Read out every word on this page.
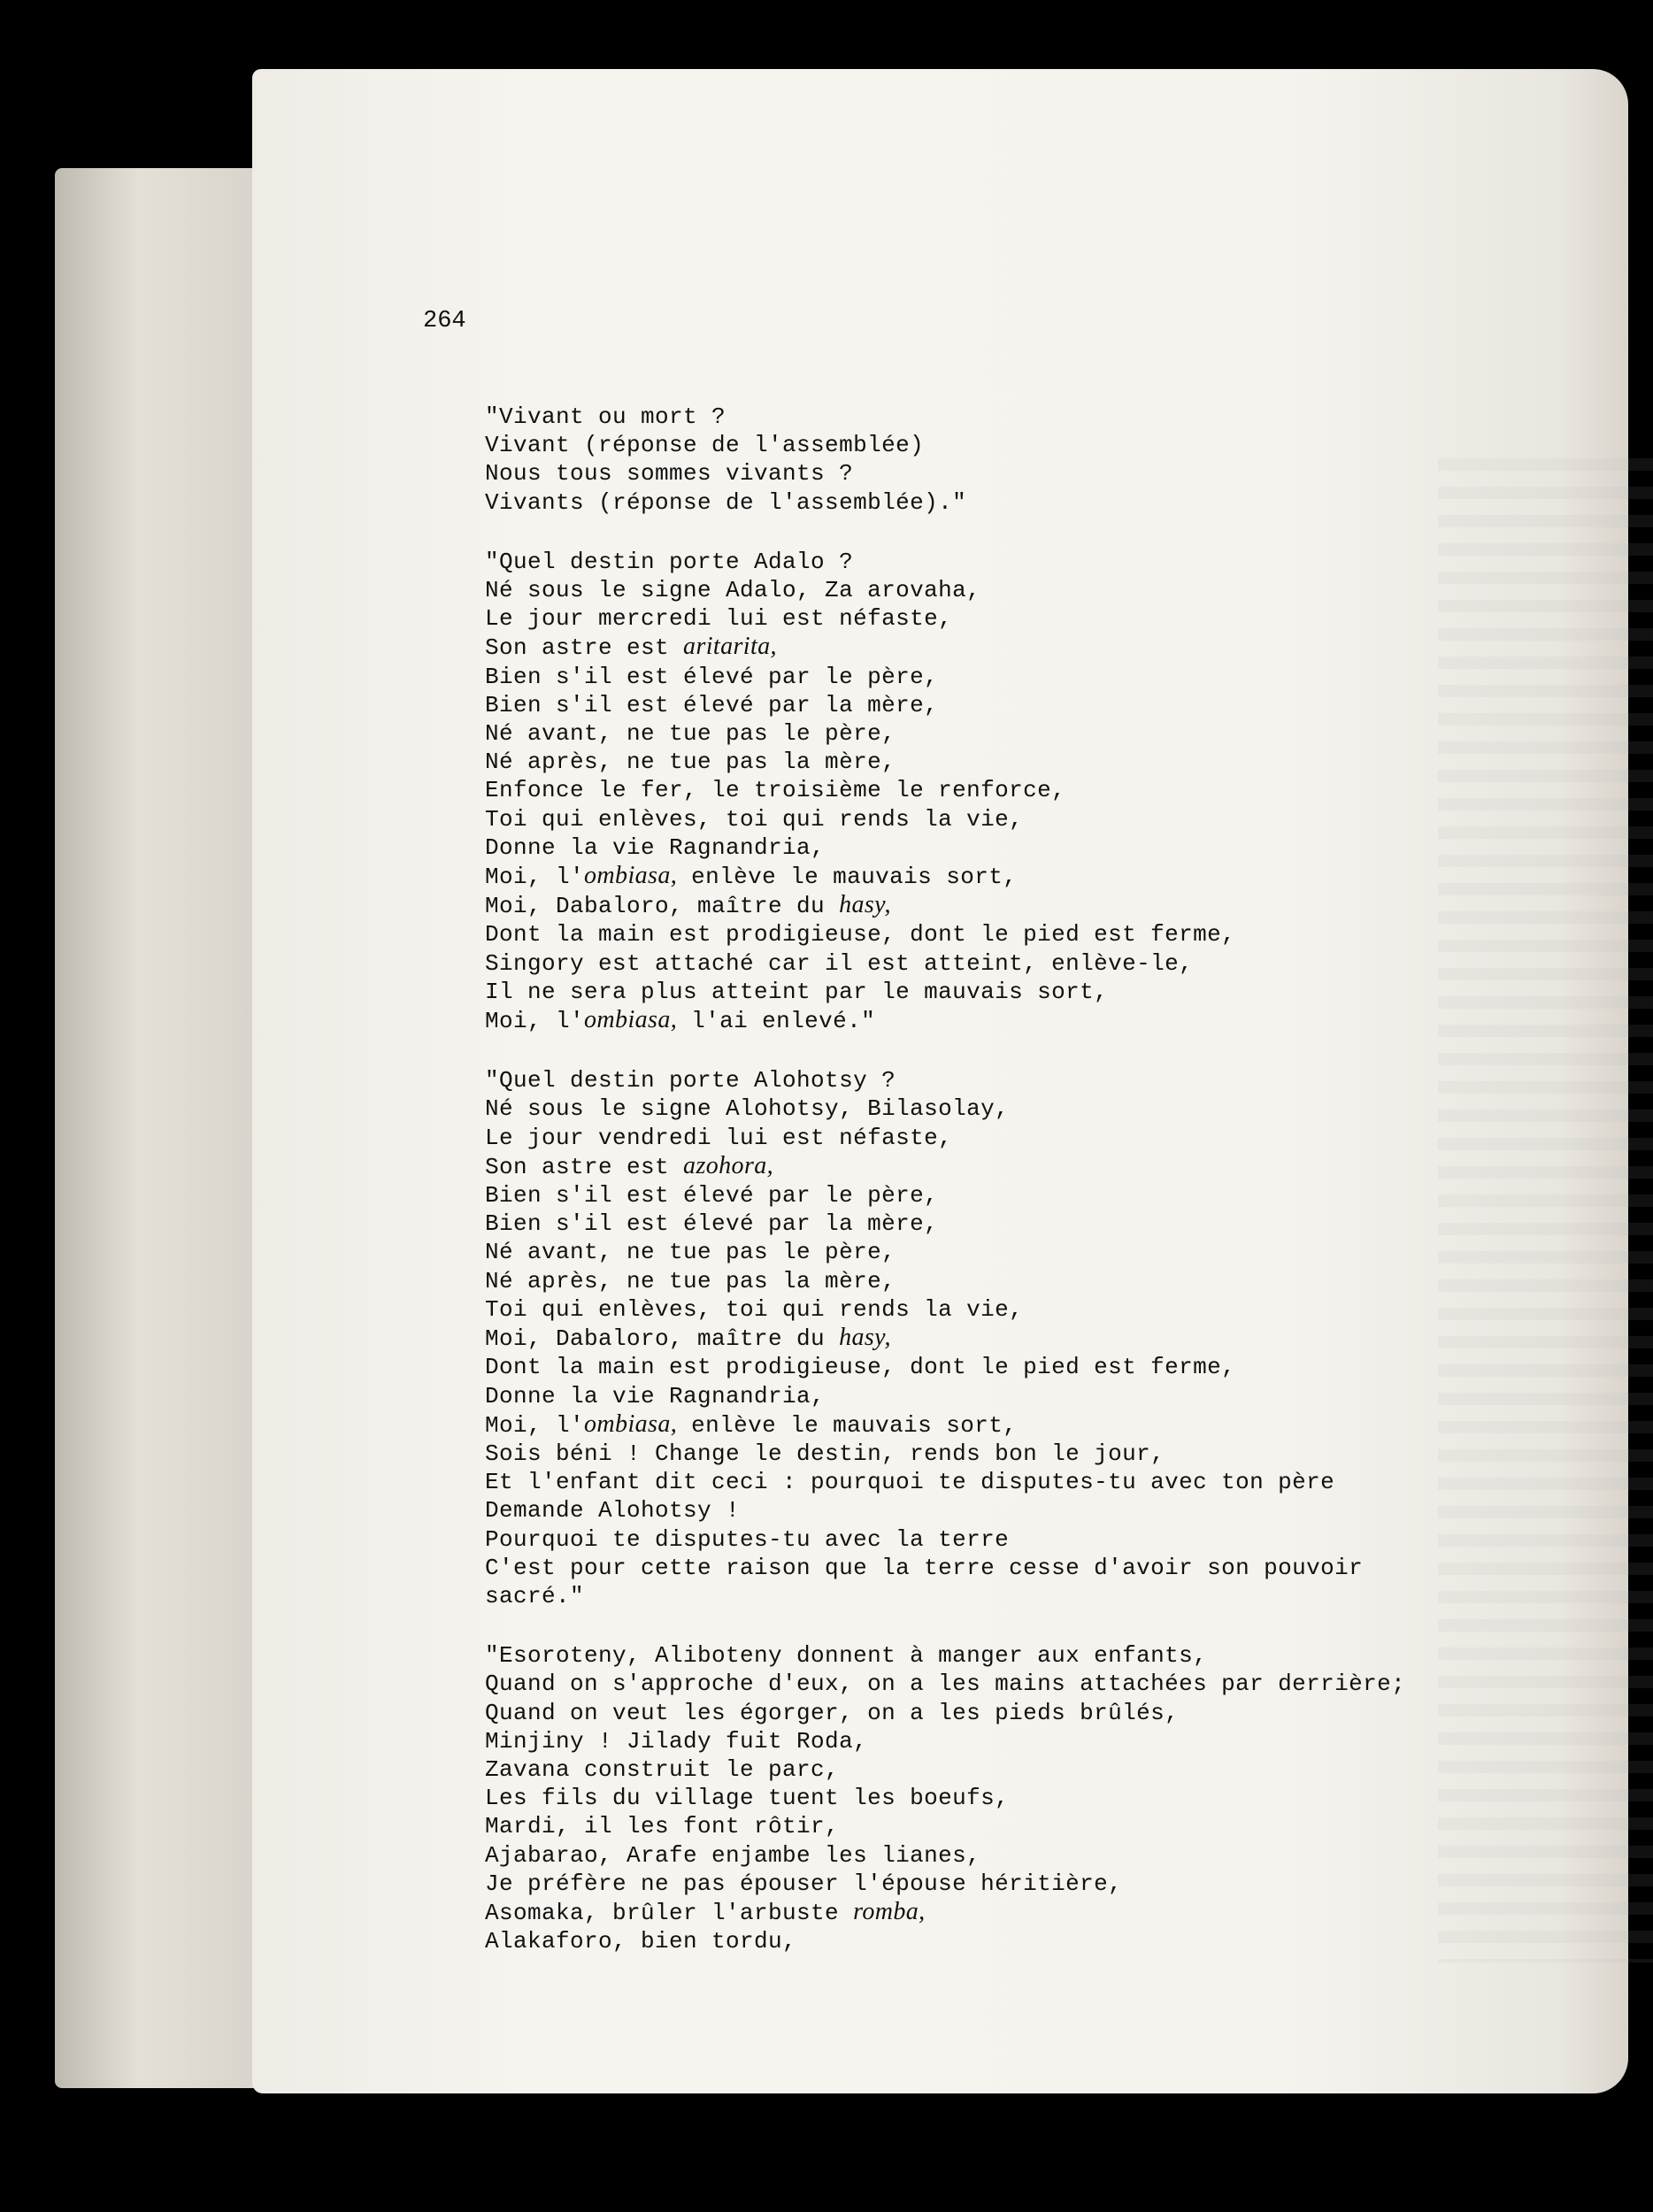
264
"Vivant ou mort ?
Vivant (réponse de l'assemblée)
Nous tous sommes vivants ?
Vivants (réponse de l'assemblée)."
"Quel destin porte Adalo ?
Né sous le signe Adalo, Za arovaha,
Le jour mercredi lui est néfaste,
Son astre est aritarita,
Bien s'il est élevé par le père,
Bien s'il est élevé par la mère,
Né avant, ne tue pas le père,
Né après, ne tue pas la mère,
Enfonce le fer, le troisième le renforce,
Toi qui enlèves, toi qui rends la vie,
Donne la vie Ragnandria,
Moi, l'ombiasa, enlève le mauvais sort,
Moi, Dabaloro, maître du hasy,
Dont la main est prodigieuse, dont le pied est ferme,
Singory est attaché car il est atteint, enlève-le,
Il ne sera plus atteint par le mauvais sort,
Moi, l'ombiasa, l'ai enlevé."
"Quel destin porte Alohotsy ?
Né sous le signe Alohotsy, Bilasolay,
Le jour vendredi lui est néfaste,
Son astre est azohora,
Bien s'il est élevé par le père,
Bien s'il est élevé par la mère,
Né avant, ne tue pas le père,
Né après, ne tue pas la mère,
Toi qui enlèves, toi qui rends la vie,
Moi, Dabaloro, maître du hasy,
Dont la main est prodigieuse, dont le pied est ferme,
Donne la vie Ragnandria,
Moi, l'ombiasa, enlève le mauvais sort,
Sois béni ! Change le destin, rends bon le jour,
Et l'enfant dit ceci : pourquoi te disputes-tu avec ton père
Demande Alohotsy !
Pourquoi te disputes-tu avec la terre
C'est pour cette raison que la terre cesse d'avoir son pouvoir
sacré."
"Esoroteny, Aliboteny donnent à manger aux enfants,
Quand on s'approche d'eux, on a les mains attachées par derrière;
Quand on veut les égorger, on a les pieds brûlés,
Minjiny ! Jilady fuit Roda,
Zavana construit le parc,
Les fils du village tuent les boeufs,
Mardi, il les font rôtir,
Ajabarao, Arafe enjambe les lianes,
Je préfère ne pas épouser l'épouse héritière,
Asomaka, brûler l'arbuste romba,
Alakaforo, bien tordu,
